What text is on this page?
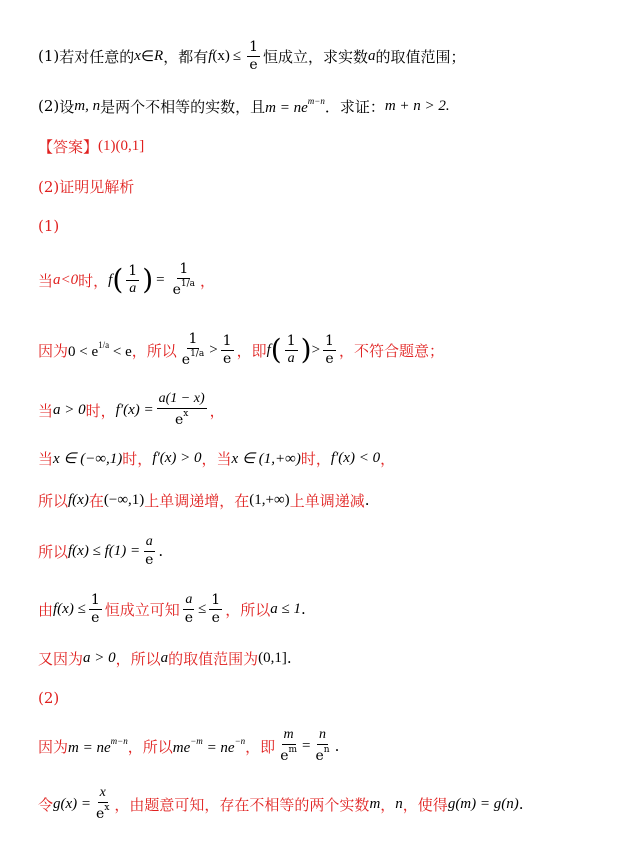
(1) 若对任意的 x ∈ R ，都有 f $(x) \le \frac{1}{e}$ 恒成立，求实数 a 的取值范围；
(2) 设 m, n 是两个不相等的实数，且 $m = ne^{m-n}$ ．求证： m + n > 2.
【答案】 (1)(0,1]
(2)证明见解析
(1)
当 a <0 时， f ( $\frac{1}{a}$ ) = $\frac{1}{e^{1/a}}$ ，
因为 $0 < e^{1/a} < e$ ，所以 $\frac{1}{e^{1/a}} > \frac{1}{e}$ ，即 f ( $\frac{1}{a}$ ) > $\frac{1}{e}$ ，不符合题意；
当 a > 0 时， $f'(x) = \frac{a(1 - x)}{e^x}$ ，
当 x ∈ (−∞,1) 时， f′(x) > 0 ，当 x ∈ (1,+∞) 时， f′(x) < 0 ，
所以 f(x) 在 (−∞,1) 上单调递增，在 (1,+∞) 上单调递减 .
所以 $f(x) \le f(1) = \frac{a}{e}$ .
由 $f(x) \le \frac{1}{e}$ 恒成立可知 $\frac{a}{e} \le \frac{1}{e}$ ，所以 a ≤ 1 .
又因为 a > 0 ，所以 a 的取值范围为 (0,1] .
(2)
因为 $m = ne^{m-n}$ ，所以 $me^{-m} = ne^{-n}$ ，即 $\frac{m}{e^m} = \frac{n}{e^n}$ .
令 $g(x) = \frac{x}{e^x}$ ，由题意可知，存在不相等的两个实数 m ， n ，使得 g(m) = g(n) .
